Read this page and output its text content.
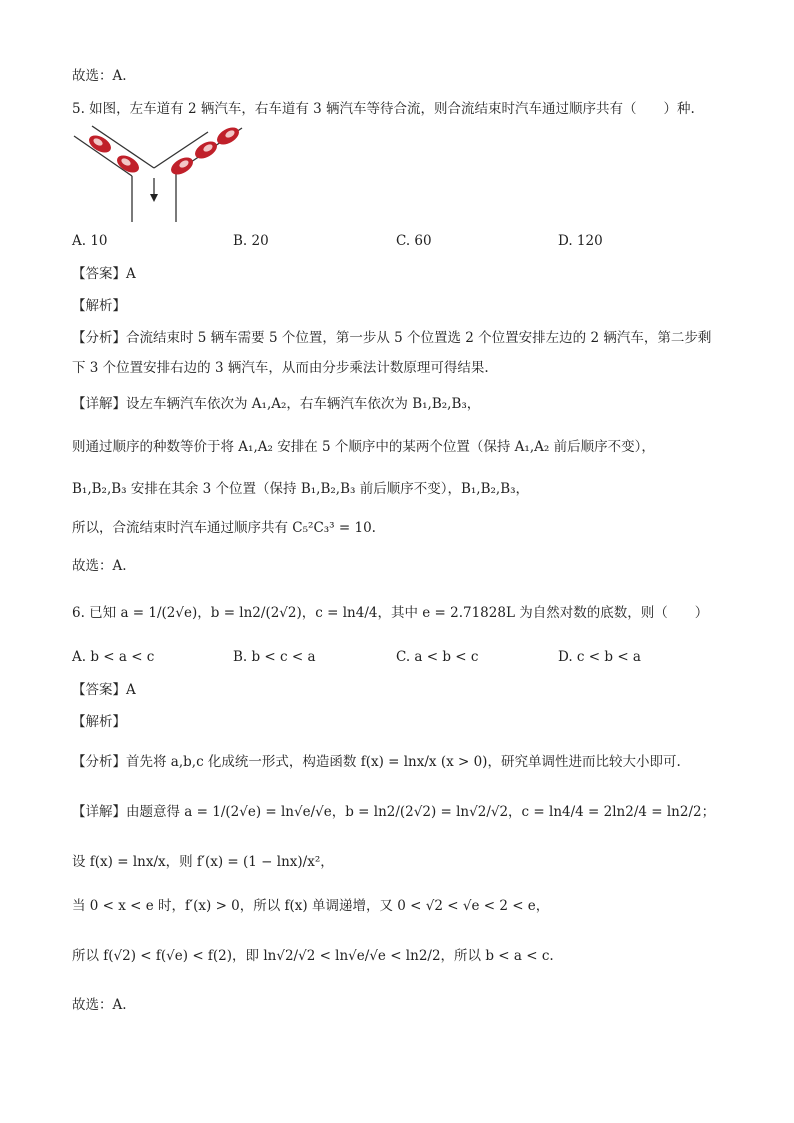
故选：A.
5. 如图，左车道有 2 辆汽车，右车道有 3 辆汽车等待合流，则合流结束时汽车通过顺序共有（　　）种.
A. 10	B. 20	C. 60	D. 120
【答案】A
【解析】
【分析】合流结束时 5 辆车需要 5 个位置，第一步从 5 个位置选 2 个位置安排左边的 2 辆汽车，第二步剩
下 3 个位置安排右边的 3 辆汽车，从而由分步乘法计数原理可得结果.
【详解】设左车辆汽车依次为 A₁,A₂，右车辆汽车依次为 B₁,B₂,B₃，
则通过顺序的种数等价于将 A₁,A₂ 安排在 5 个顺序中的某两个位置（保持 A₁,A₂ 前后顺序不变），
B₁,B₂,B₃ 安排在其余 3 个位置（保持 B₁,B₂,B₃ 前后顺序不变），B₁,B₂,B₃，
所以，合流结束时汽车通过顺序共有 C₅²C₃³ = 10.
故选：A.
6. 已知 a = 1/(2√e)，b = ln2/(2√2)，c = ln4/4，其中 e = 2.71828L 为自然对数的底数，则（　　）
A. b < a < c	B. b < c < a	C. a < b < c	D. c < b < a
【答案】A
【解析】
【分析】首先将 a,b,c 化成统一形式，构造函数 f(x) = lnx/x (x > 0)，研究单调性进而比较大小即可.
【详解】由题意得 a = 1/(2√e) = ln√e/√e，b = ln2/(2√2) = ln√2/√2，c = ln4/4 = 2ln2/4 = ln2/2；
设 f(x) = lnx/x，则 f′(x) = (1 − lnx)/x²，
当 0 < x < e 时，f′(x) > 0，所以 f(x) 单调递增，又 0 < √2 < √e < 2 < e，
所以 f(√2) < f(√e) < f(2)，即 ln√2/√2 < ln√e/√e < ln2/2，所以 b < a < c.
故选：A.
